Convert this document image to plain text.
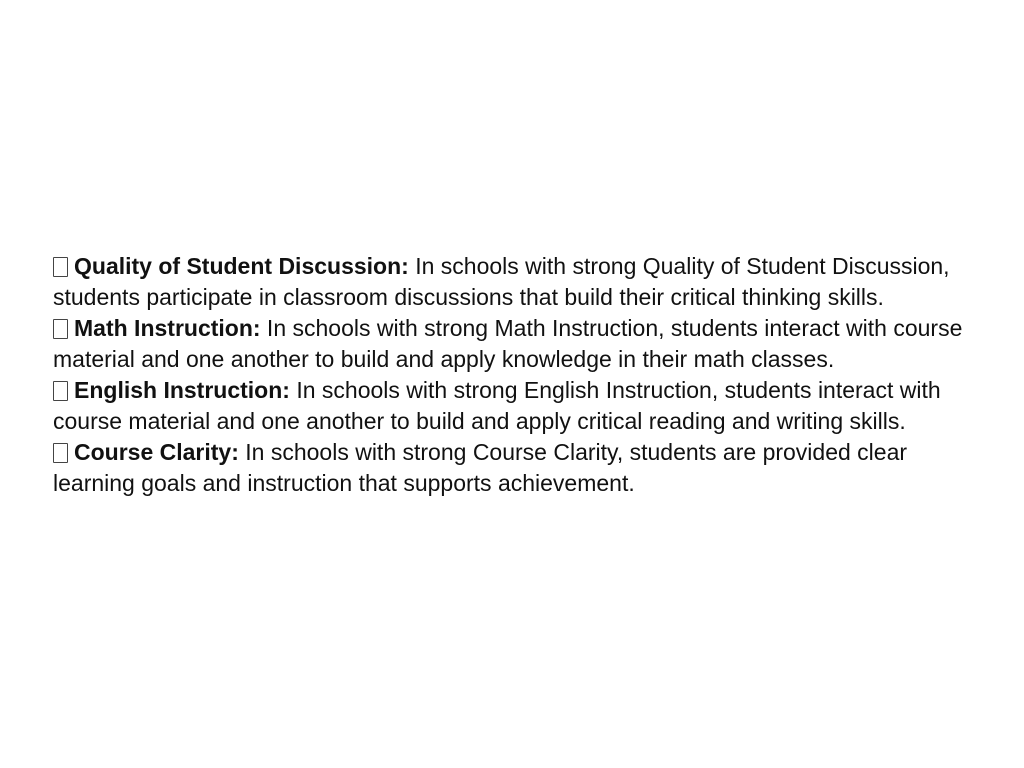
Quality of Student Discussion: In schools with strong Quality of Student Discussion, students participate in classroom discussions that build their critical thinking skills.

Math Instruction: In schools with strong Math Instruction, students interact with course material and one another to build and apply knowledge in their math classes.

English Instruction: In schools with strong English Instruction, students interact with course material and one another to build and apply critical reading and writing skills.

Course Clarity: In schools with strong Course Clarity, students are provided clear learning goals and instruction that supports achievement.
